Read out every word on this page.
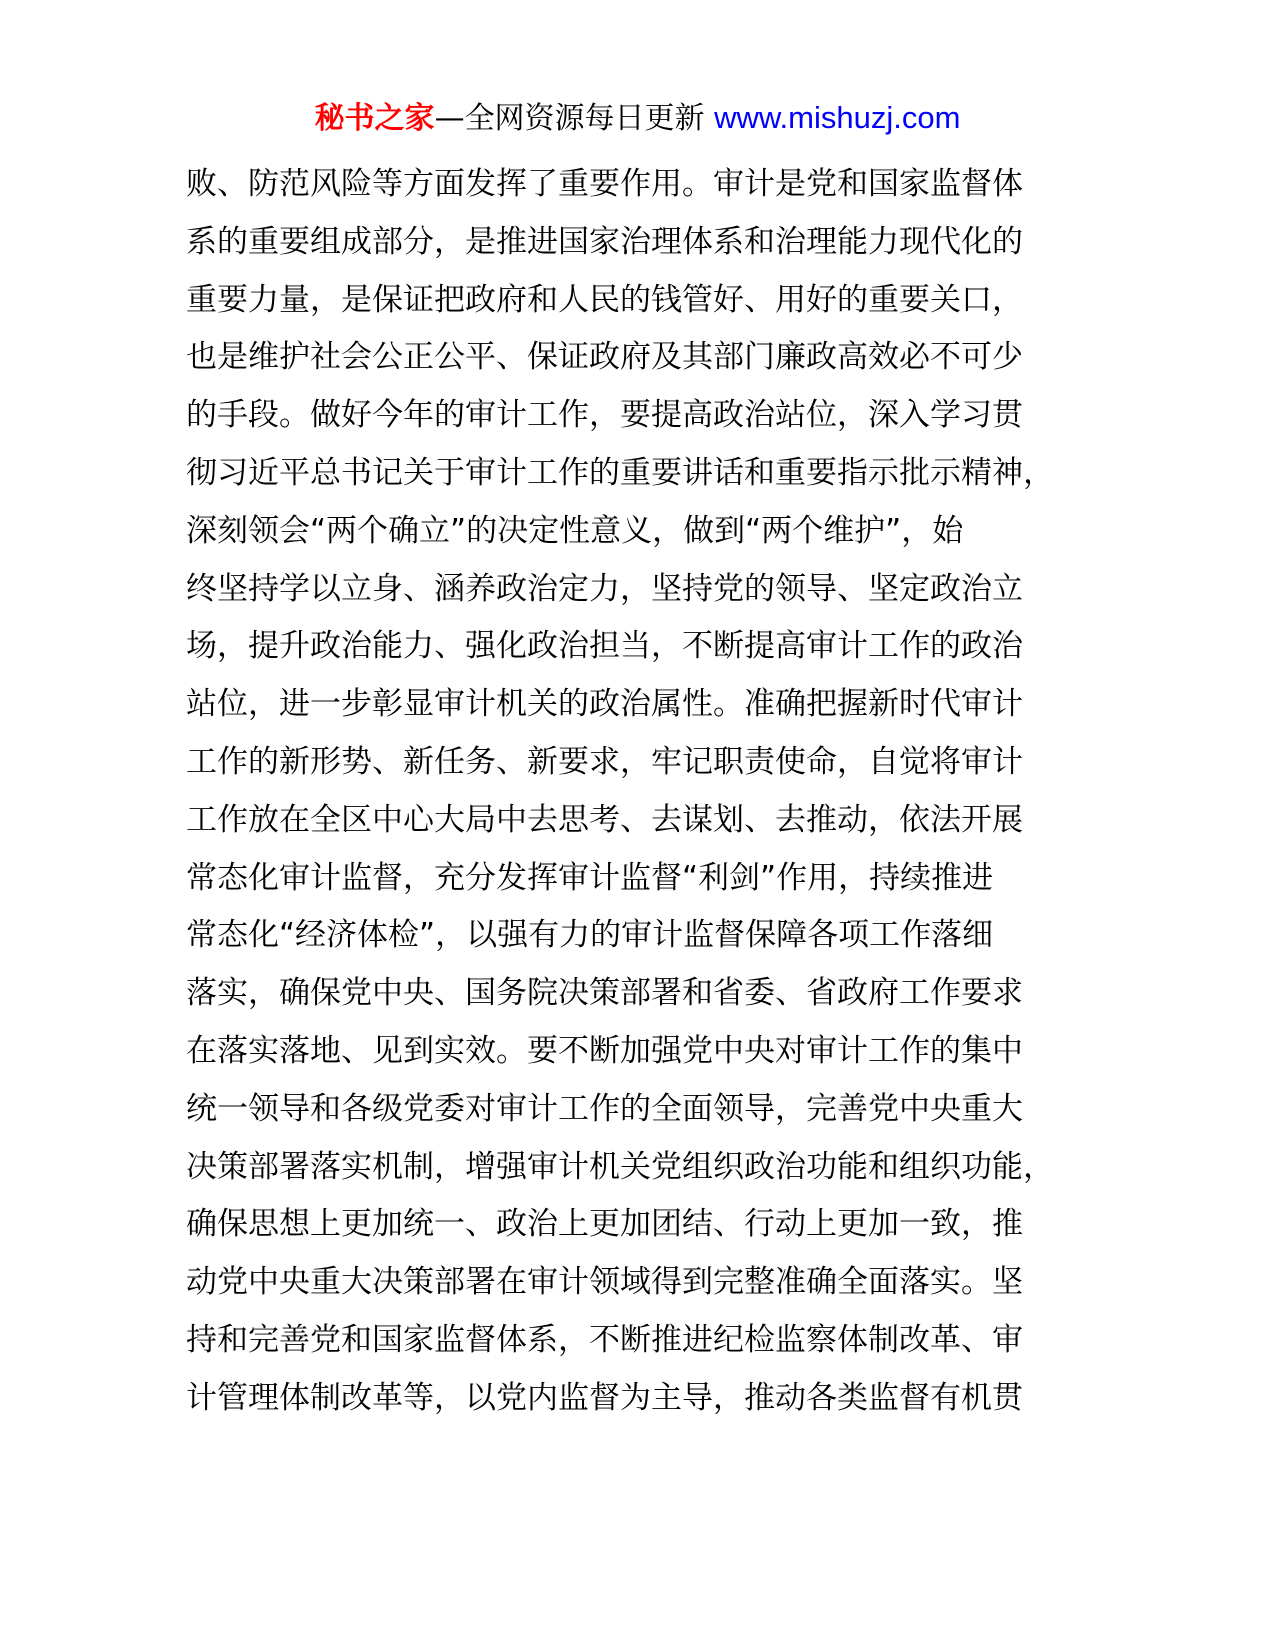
秘书之家—全网资源每日更新 www.mishuzj.com
败、防范风险等方面发挥了重要作用。审计是党和国家监督体
系的重要组成部分，是推进国家治理体系和治理能力现代化的
重要力量，是保证把政府和人民的钱管好、用好的重要关口，
也是维护社会公正公平、保证政府及其部门廉政高效必不可少
的手段。做好今年的审计工作，要提高政治站位，深入学习贯
彻习近平总书记关于审计工作的重要讲话和重要指示批示精神，
深刻领会“两个确立”的决定性意义，做到“两个维护”，始
终坚持学以立身、涵养政治定力，坚持党的领导、坚定政治立
场，提升政治能力、强化政治担当，不断提高审计工作的政治
站位，进一步彰显审计机关的政治属性。准确把握新时代审计
工作的新形势、新任务、新要求，牢记职责使命，自觉将审计
工作放在全区中心大局中去思考、去谋划、去推动，依法开展
常态化审计监督，充分发挥审计监督“利剑”作用，持续推进
常态化“经济体检”，以强有力的审计监督保障各项工作落细
落实，确保党中央、国务院决策部署和省委、省政府工作要求
在落实落地、见到实效。要不断加强党中央对审计工作的集中
统一领导和各级党委对审计工作的全面领导，完善党中央重大
决策部署落实机制，增强审计机关党组织政治功能和组织功能，
确保思想上更加统一、政治上更加团结、行动上更加一致，推
动党中央重大决策部署在审计领域得到完整准确全面落实。坚
持和完善党和国家监督体系，不断推进纪检监察体制改革、审
计管理体制改革等，以党内监督为主导，推动各类监督有机贯
